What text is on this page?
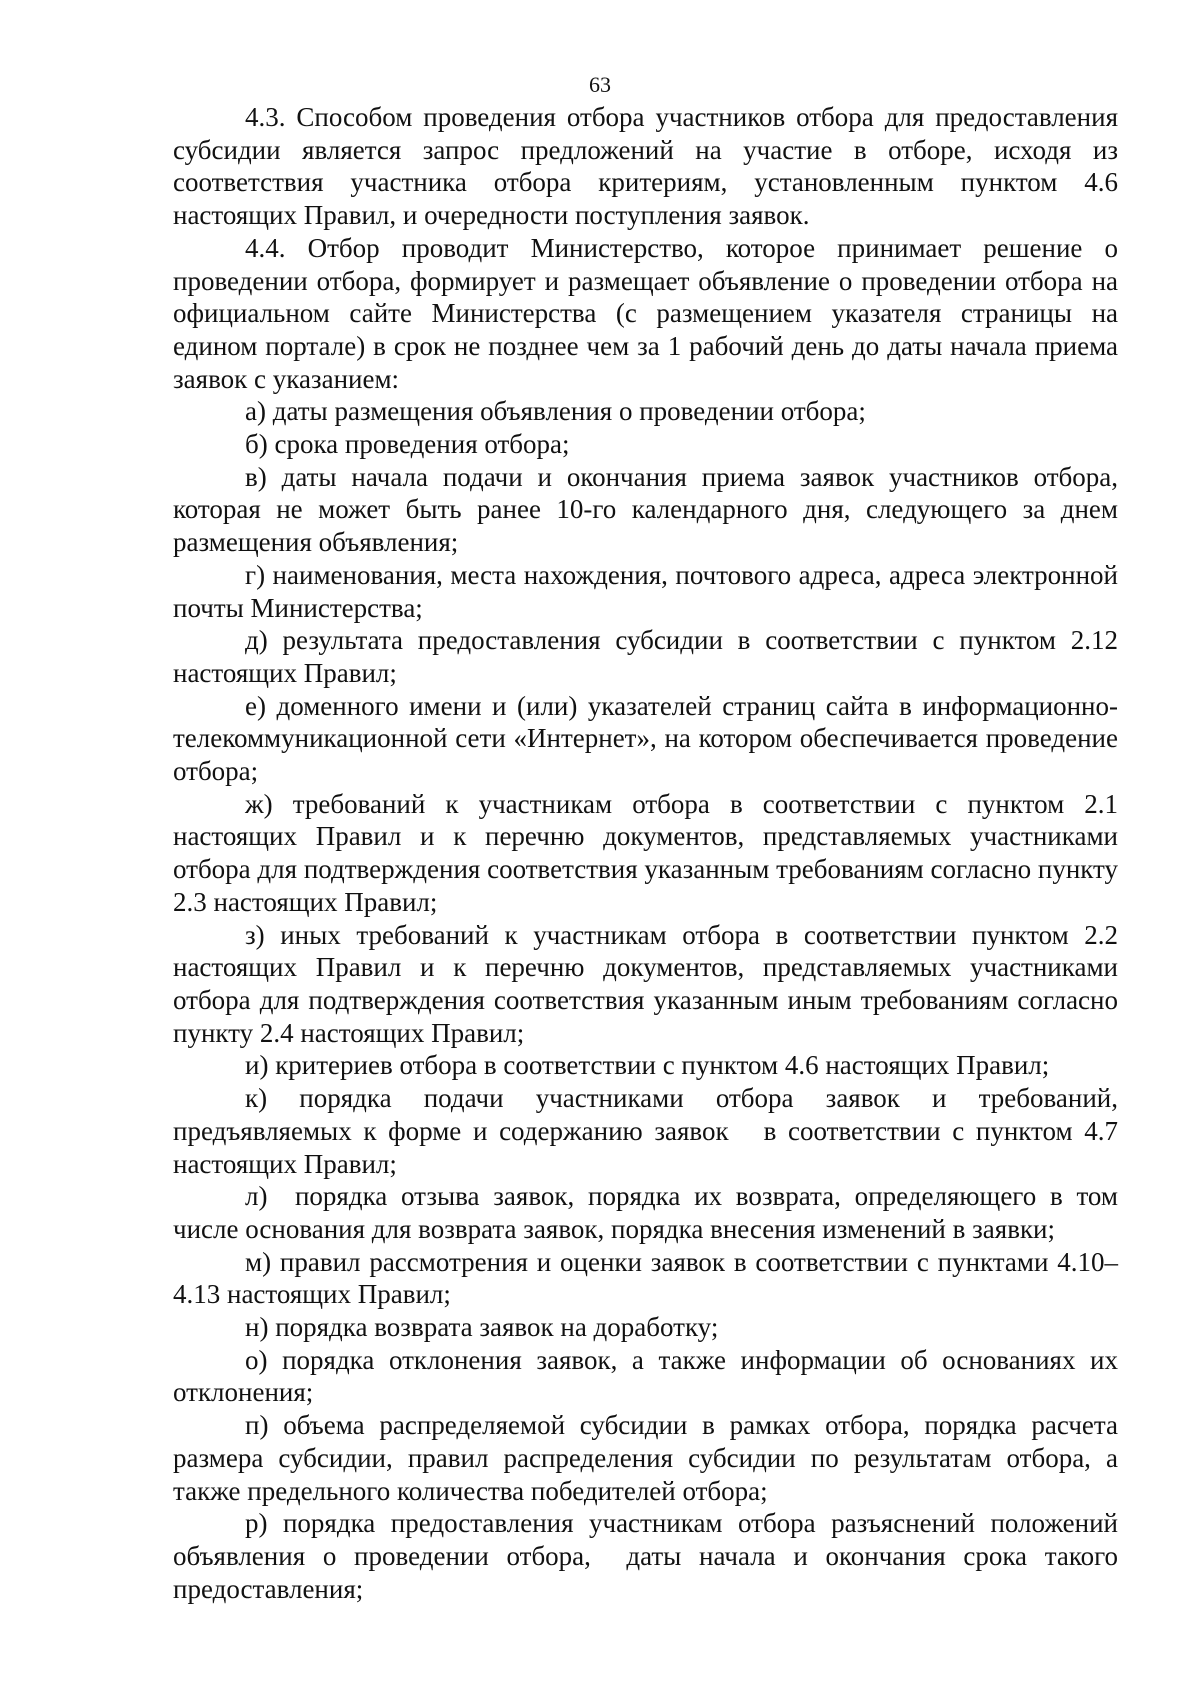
63

4.3. Способом проведения отбора участников отбора для предоставления субсидии является запрос предложений на участие в отборе, исходя из соответствия участника отбора критериям, установленным пунктом 4.6 настоящих Правил, и очередности поступления заявок.

4.4. Отбор проводит Министерство, которое принимает решение о проведении отбора, формирует и размещает объявление о проведении отбора на официальном сайте Министерства (с размещением указателя страницы на едином портале) в срок не позднее чем за 1 рабочий день до даты начала приема заявок с указанием:

а) даты размещения объявления о проведении отбора;

б) срока проведения отбора;

в) даты начала подачи и окончания приема заявок участников отбора, которая не может быть ранее 10-го календарного дня, следующего за днем размещения объявления;

г) наименования, места нахождения, почтового адреса, адреса электронной почты Министерства;

д) результата предоставления субсидии в соответствии с пунктом 2.12 настоящих Правил;

е) доменного имени и (или) указателей страниц сайта в информационно-телекоммуникационной сети «Интернет», на котором обеспечивается проведение отбора;

ж) требований к участникам отбора в соответствии с пунктом 2.1 настоящих Правил и к перечню документов, представляемых участниками отбора для подтверждения соответствия указанным требованиям согласно пункту 2.3 настоящих Правил;

з) иных требований к участникам отбора в соответствии пунктом 2.2 настоящих Правил и к перечню документов, представляемых участниками отбора для подтверждения соответствия указанным иным требованиям согласно пункту 2.4 настоящих Правил;

и) критериев отбора в соответствии с пунктом 4.6 настоящих Правил;

к) порядка подачи участниками отбора заявок и требований, предъявляемых к форме и содержанию заявок   в соответствии с пунктом 4.7 настоящих Правил;

л)  порядка отзыва заявок, порядка их возврата, определяющего в том числе основания для возврата заявок, порядка внесения изменений в заявки;

м) правил рассмотрения и оценки заявок в соответствии с пунктами 4.10–4.13 настоящих Правил;

н) порядка возврата заявок на доработку;

о) порядка отклонения заявок, а также информации об основаниях их отклонения;

п) объема распределяемой субсидии в рамках отбора, порядка расчета размера субсидии, правил распределения субсидии по результатам отбора, а также предельного количества победителей отбора;

р) порядка предоставления участникам отбора разъяснений положений объявления о проведении отбора,  даты начала и окончания срока такого предоставления;
